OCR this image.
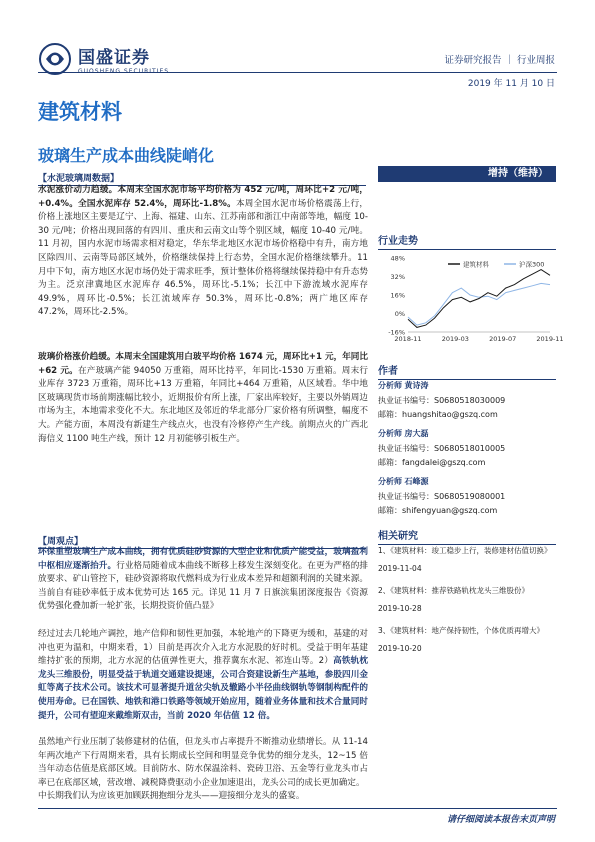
国盛证券	证券研究报告 ｜ 行业周报
2019 年 11 月 10 日
建筑材料
玻璃生产成本曲线陡峭化
【水泥玻璃周数据】
水泥涨价动力趋缓。本周末全国水泥市场平均价格为 452 元/吨，周环比+2 元/吨，+0.4%。全国水泥库存 52.4%，周环比-1.8%。本周全国水泥市场价格震荡上行，价格上涨地区主要是辽宁、上海、福建、山东、江苏南部和浙江中南部等地，幅度 10-30 元/吨；价格出现回落的有四川、重庆和云南文山等个别区域，幅度 10-40 元/吨。11 月初，国内水泥市场需求相对稳定，华东华北地区水泥市场价格稳中有升，南方地区除四川、云南等局部区域外，价格继续保持上行态势，全国水泥价格继续攀升。11 月中下旬，南方地区水泥市场仍处于需求旺季，预计整体价格将继续保持稳中有升态势为主。泛京津冀地区水泥库存 46.5%，周环比-5.1%；长江中下游流域水泥库存 49.9%，周环比-0.5%；长江流域库存 50.3%，周环比-0.8%；两广地区库存 47.2%，周环比-2.5%。
玻璃价格涨价趋缓。本周末全国建筑用白玻平均价格 1674 元，周环比+1 元，年同比+62 元。在产玻璃产能 94050 万重箱，周环比持平，年同比-1530 万重箱。周末行业库存 3723 万重箱，周环比+13 万重箱，年同比+464 万重箱，从区域看。华中地区玻璃现货市场前期涨幅比较小，近期报价有所上涨，厂家出库较好，主要以外销周边市场为主，本地需求变化不大。东北地区及邻近的华北部分厂家价格有所调整，幅度不大。产能方面，本周没有新建生产线点火，也没有冷修停产生产线。前期点火的广西北海信义 1100 吨生产线，预计 12 月初能够引板生产。
【周观点】
环保重塑玻璃生产成本曲线，拥有优质硅砂资源的大型企业和优质产能受益，玻璃盈利中枢相应逐渐抬升。行业格局随着成本曲线不断移上移发生深刻变化。在更为严格的排放要求、矿山管控下，硅砂资源将取代燃料成为行业成本差异和超额利润的关键来源。当前自有硅砂率低于成本优势可达 165 元。详见 11 月 7 日旗滨集团深度报告《资源优势强化叠加新一轮扩张，长期投资价值凸显》
经过过去几轮地产调控，地产信仰和韧性更加强，本轮地产的下降更为缓和，基建的对冲也更为温和，中期来看，1）目前是再次介入北方水泥股的好时机。受益于明年基建维持扩张的预期，北方水泥的估值弹性更大，推荐冀东水泥、祁连山等。2）高铁轨枕龙头三维股份，明显受益于轨道交通建设提速，公司合资建设新生产基地，参股四川金虹等离子技术公司。该技术可显著提升道岔尖轨及辙路小半径曲线钢轨等钢制构配件的使用寿命。已在国铁、地铁和港口铁路等领域开始应用，随着业务体量和技术合量同时提升，公司有望迎来戴维斯双击，当前 2020 年估值 12 倍。
虽然地产行业压制了装修建材的估值，但龙头市占率提升不断推动业绩增长。从 11-14 年两次地产下行周期来看，具有长期成长空间和明显竞争优势的细分龙头，12~15 倍当年动态估值是底部区域。目前防水、防水保温涂料、瓷砖卫浴、五金等行业龙头市占率已在底部区域，营改增、减税降费驱动小企业加速退出，龙头公司的成长更加确定。
中长期我们认为应该更加顾跃拥抱细分龙头——迎接细分龙头的盛宴。
增持（维持）
行业走势
48%
32%
16%
0%
-16%
2018-11	2019-03	2019-07	2019-11
建筑材料	沪深300
作者
分析师 黄诗涛
执业证书编号：S0680518030009
邮箱：huangshitao@gszq.com
分析师 房大磊
执业证书编号：S0680518010005
邮箱：fangdalei@gszq.com
分析师 石峰源
执业证书编号：S0680519080001
邮箱：shifengyuan@gszq.com
相关研究
1、《建筑材料：竣工稳步上行，装修建材估值切换》
2019-11-04
2、《建筑材料：推荐铁路轨枕龙头三维股份》
2019-10-28
3、《建筑材料：地产保持韧性，个体优质再增大》
2019-10-20
请仔细阅读本报告末页声明
